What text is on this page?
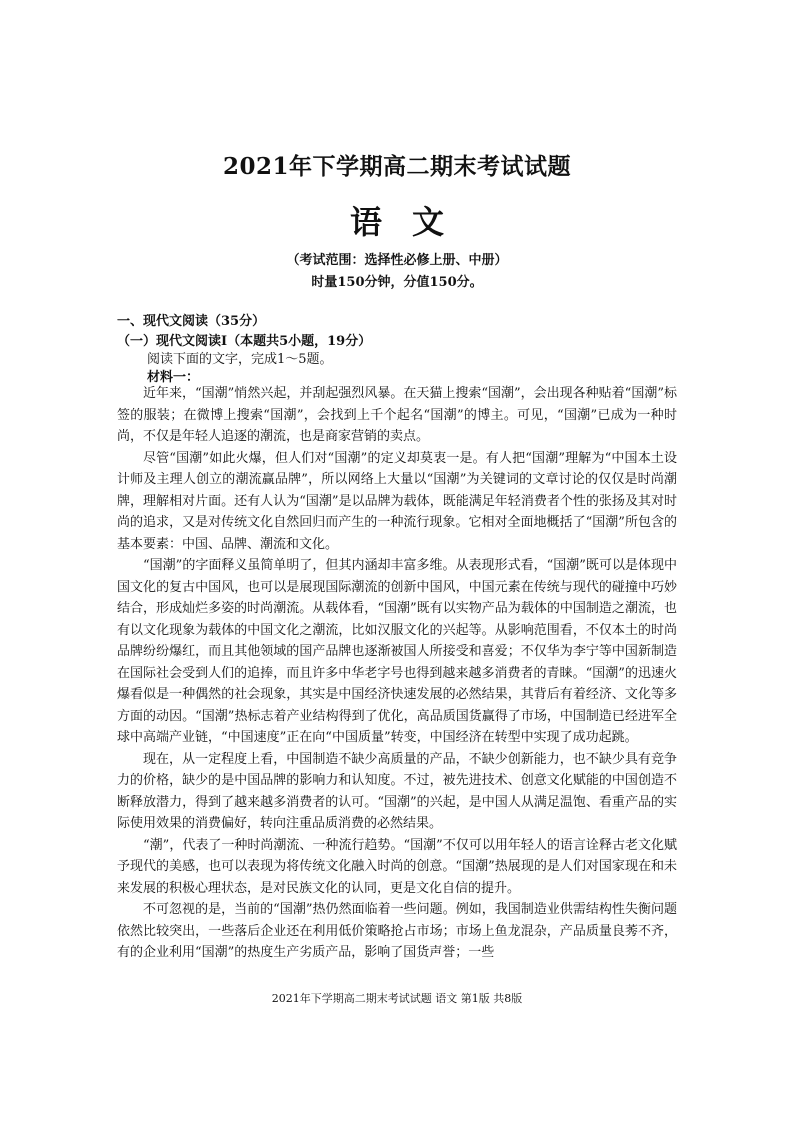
2021年下学期高二期末考试试题
语文
（考试范围：选择性必修上册、中册）
时量150分钟，分值150分。
一、现代文阅读（35分）
（一）现代文阅读Ⅰ（本题共5小题，19分）
阅读下面的文字，完成1～5题。
材料一：

近年来，“国潮”悄然兴起，并刮起强烈风暴。在天猫上搜索“国潮”，会出现各种贴着“国潮”标签的服装；在微博上搜索“国潮”，会找到上千个起名“国潮”的博主。可见，“国潮”已成为一种时尚，不仅是年轻人追逐的潮流，也是商家营销的卖点。

尽管“国潮”如此火爆，但人们对“国潮”的定义却莫衷一是。有人把“国潮”理解为“中国本土设计师及主理人创立的潮流赢品牌”，所以网络上大量以“国潮”为关键词的文章讨论的仅仅是时尚潮牌，理解相对片面。还有人认为“国潮”是以品牌为载体，既能满足年轻消费者个性的张扬及其对时尚的追求，又是对传统文化自然回归而产生的一种流行现象。它相对全面地概括了“国潮”所包含的基本要素：中国、品牌、潮流和文化。

“国潮”的字面释义虽简单明了，但其内涵却丰富多维。从表现形式看，“国潮”既可以是体现中国文化的复古中国风，也可以是展现国际潮流的创新中国风，中国元素在传统与现代的碰撞中巧妙结合，形成灿烂多姿的时尚潮流。从载体看，“国潮”既有以实物产品为载体的中国制造之潮流，也有以文化现象为载体的中国文化之潮流，比如汉服文化的兴起等。从影响范围看，不仅本土的时尚品牌纷纷爆红，而且其他领域的国产品牌也逐渐被国人所接受和喜爱；不仅华为李宁等中国新制造在国际社会受到人们的追捧，而且许多中华老字号也得到越来越多消费者的青睐。“国潮”的迅速火爆看似是一种偶然的社会现象，其实是中国经济快速发展的必然结果，其背后有着经济、文化等多方面的动因。“国潮”热标志着产业结构得到了优化，高品质国货赢得了市场，中国制造已经进军全球中高端产业链，“中国速度”正在向“中国质量”转变，中国经济在转型中实现了成功起跳。

现在，从一定程度上看，中国制造不缺少高质量的产品，不缺少创新能力，也不缺少具有竞争力的价格，缺少的是中国品牌的影响力和认知度。不过，被先进技术、创意文化赋能的中国创造不断释放潜力，得到了越来越多消费者的认可。“国潮”的兴起，是中国人从满足温饱、看重产品的实际使用效果的消费偏好，转向注重品质消费的必然结果。

“潮”，代表了一种时尚潮流、一种流行趋势。“国潮”不仅可以用年轻人的语言诠释古老文化赋予现代的美感，也可以表现为将传统文化融入时尚的创意。“国潮”热展现的是人们对国家现在和未来发展的积极心理状态，是对民族文化的认同，更是文化自信的提升。

不可忽视的是，当前的“国潮”热仍然面临着一些问题。例如，我国制造业供需结构性失衡问题依然比较突出，一些落后企业还在利用低价策略抢占市场；市场上鱼龙混杂，产品质量良莠不齐，有的企业利用“国潮”的热度生产劣质产品，影响了国货声誉；一些

2021年下学期高二期末考试试题 语文 第1版 共8版
